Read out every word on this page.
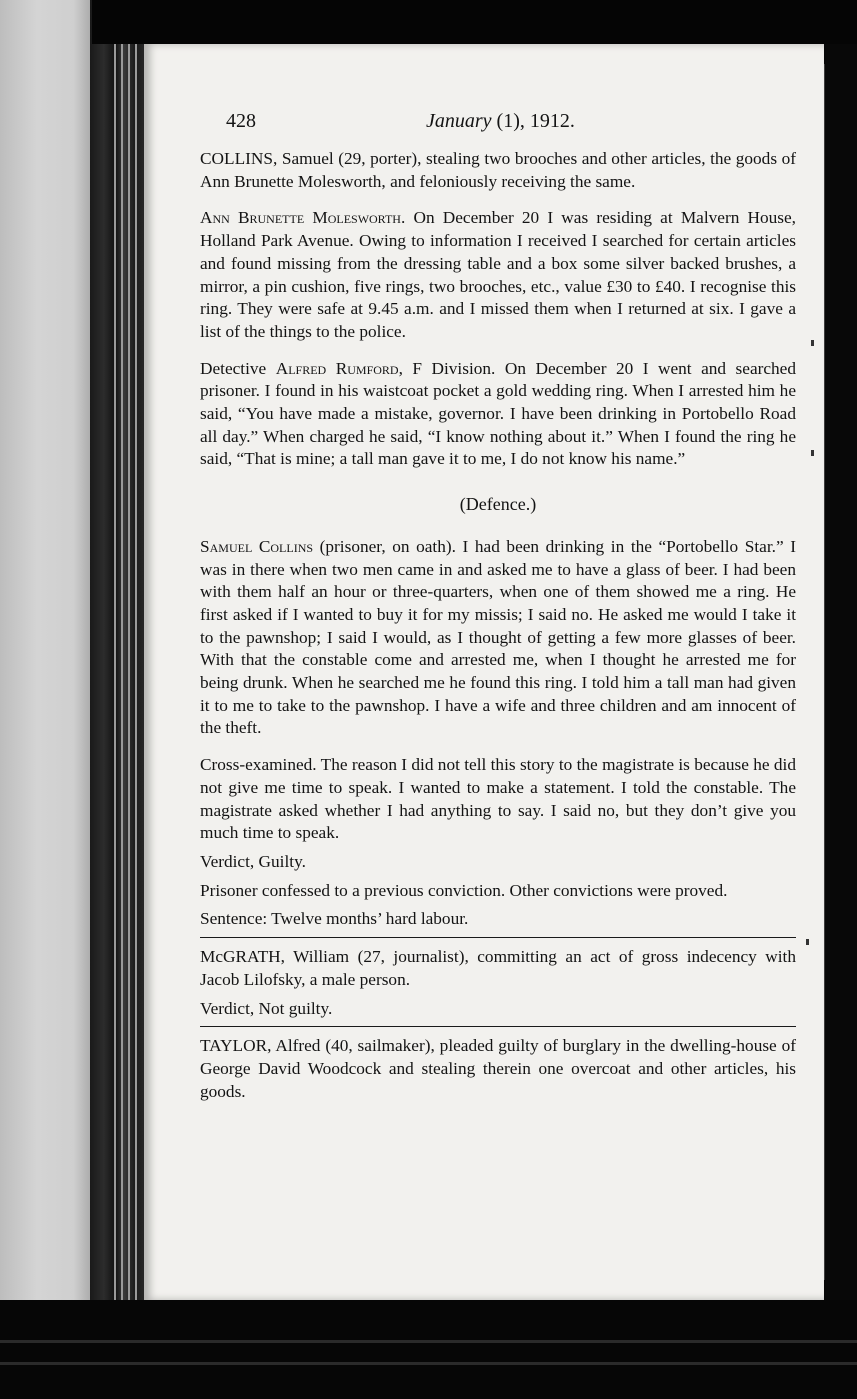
428	January (1), 1912.

COLLINS, Samuel (29, porter), stealing two brooches and other articles, the goods of Ann Brunette Molesworth, and feloniously receiving the same.

Ann Brunette Molesworth. On December 20 I was residing at Malvern House, Holland Park Avenue. Owing to information I received I searched for certain articles and found missing from the dressing table and a box some silver backed brushes, a mirror, a pin cushion, five rings, two brooches, etc., value £30 to £40. I recognise this ring. They were safe at 9.45 a.m. and I missed them when I returned at six. I gave a list of the things to the police.

Detective Alfred Rumford, F Division. On December 20 I went and searched prisoner. I found in his waistcoat pocket a gold wedding ring. When I arrested him he said, “You have made a mistake, governor. I have been drinking in Portobello Road all day.” When charged he said, “I know nothing about it.” When I found the ring he said, “That is mine; a tall man gave it to me, I do not know his name.”

(Defence.)

Samuel Collins (prisoner, on oath). I had been drinking in the “Portobello Star.” I was in there when two men came in and asked me to have a glass of beer. I had been with them half an hour or three-quarters, when one of them showed me a ring. He first asked if I wanted to buy it for my missis; I said no. He asked me would I take it to the pawnshop; I said I would, as I thought of getting a few more glasses of beer. With that the constable come and arrested me, when I thought he arrested me for being drunk. When he searched me he found this ring. I told him a tall man had given it to me to take to the pawnshop. I have a wife and three children and am innocent of the theft.

Cross-examined. The reason I did not tell this story to the magistrate is because he did not give me time to speak. I wanted to make a statement. I told the constable. The magistrate asked whether I had anything to say. I said no, but they don’t give you much time to speak.

Verdict, Guilty.

Prisoner confessed to a previous conviction. Other convictions were proved.

Sentence: Twelve months’ hard labour.

McGRATH, William (27, journalist), committing an act of gross indecency with Jacob Lilofsky, a male person.

Verdict, Not guilty.

TAYLOR, Alfred (40, sailmaker), pleaded guilty of burglary in the dwelling-house of George David Woodcock and stealing therein one overcoat and other articles, his goods.
